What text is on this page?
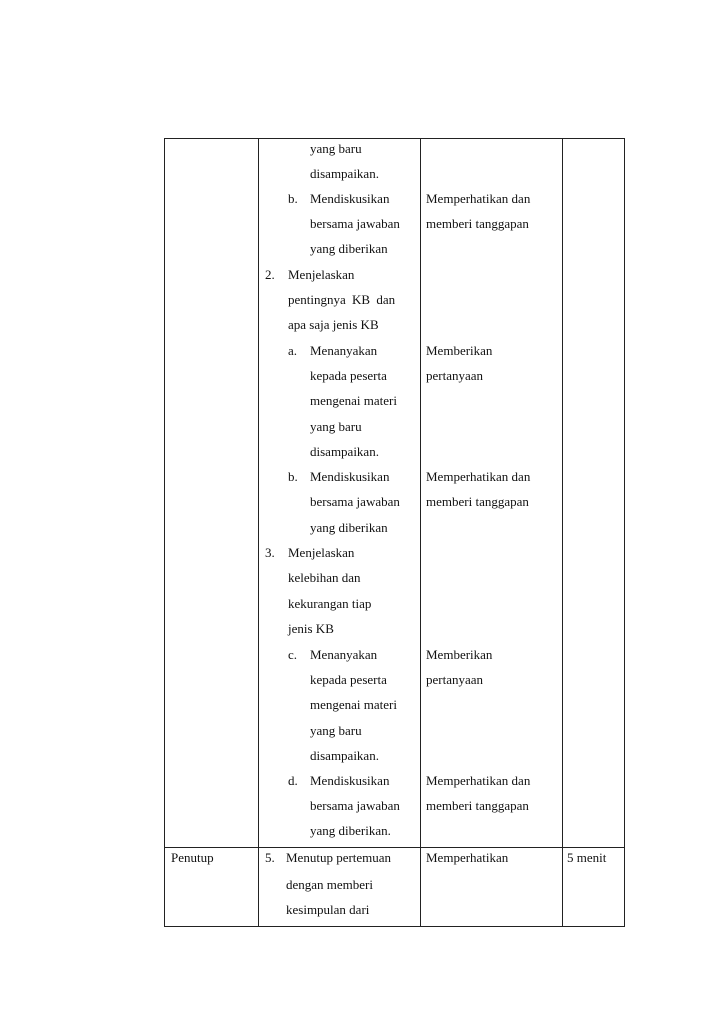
yang baru
disampaikan.
b. Mendiskusikan
bersama jawaban
yang diberikan
Memperhatikan dan
memberi tanggapan
2. Menjelaskan
pentingnya KB dan
apa saja jenis KB
a. Menanyakan
kepada peserta
mengenai materi
yang baru
disampaikan.
Memberikan
pertanyaan
b. Mendiskusikan
bersama jawaban
yang diberikan
Memperhatikan dan
memberi tanggapan
3. Menjelaskan
kelebihan dan
kekurangan tiap
jenis KB
c. Menanyakan
kepada peserta
mengenai materi
yang baru
disampaikan.
Memberikan
pertanyaan
d. Mendiskusikan
bersama jawaban
yang diberikan.
Memperhatikan dan
memberi tanggapan
Penutup	5. Menutup pertemuan
dengan memberi
kesimpulan dari
Memperhatikan	5 menit
